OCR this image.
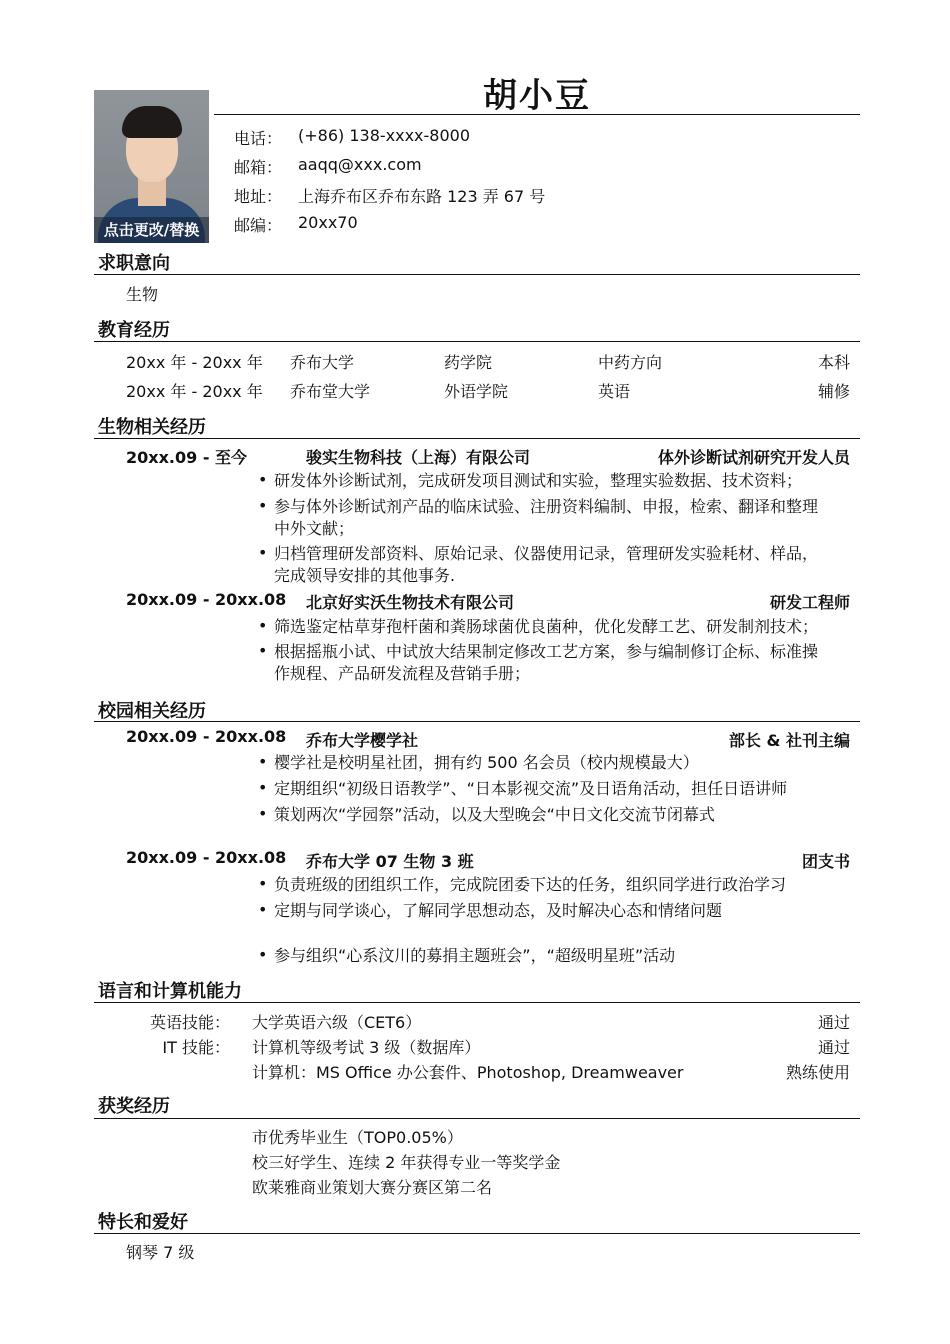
点击更改/替换
胡小豆
电话： (+86) 138-xxxx-8000
邮箱： aaqq@xxx.com
地址： 上海乔布区乔布东路 123 弄 67 号
邮编： 20xx70
求职意向
生物
教育经历
20xx 年 - 20xx 年 乔布大学	药学院	中药方向	本科
20xx 年 - 20xx 年 乔布堂大学	外语学院	英语	辅修
生物相关经历
20xx.09 - 至今	骏实生物科技（上海）有限公司	体外诊断试剂研究开发人员
• 研发体外诊断试剂，完成研发项目测试和实验，整理实验数据、技术资料；
• 参与体外诊断试剂产品的临床试验、注册资料编制、申报，检索、翻译和整理
中外文献；
• 归档管理研发部资料、原始记录、仪器使用记录，管理研发实验耗材、样品，
完成领导安排的其他事务.
20xx.09 - 20xx.08 北京好实沃生物技术有限公司	研发工程师
• 筛选鉴定枯草芽孢杆菌和粪肠球菌优良菌种，优化发酵工艺、研发制剂技术；
• 根据摇瓶小试、中试放大结果制定修改工艺方案，参与编制修订企标、标准操
作规程、产品研发流程及营销手册；
校园相关经历
20xx.09 - 20xx.08 乔布大学樱学社	部长 & 社刊主编
• 樱学社是校明星社团，拥有约 500 名会员（校内规模最大）
• 定期组织“初级日语教学”、“日本影视交流”及日语角活动，担任日语讲师
• 策划两次“学园祭”活动，以及大型晚会“中日文化交流节闭幕式
20xx.09 - 20xx.08 乔布大学 07 生物 3 班	团支书
• 负责班级的团组织工作，完成院团委下达的任务，组织同学进行政治学习
• 定期与同学谈心，了解同学思想动态，及时解决心态和情绪问题
• 参与组织“心系汶川的募捐主题班会”，“超级明星班”活动
语言和计算机能力
英语技能： 大学英语六级（CET6）	通过
IT 技能： 计算机等级考试 3 级（数据库）	通过
计算机：MS Office 办公套件、Photoshop, Dreamweaver	熟练使用
获奖经历
市优秀毕业生（TOP0.05%）
校三好学生、连续 2 年获得专业一等奖学金
欧莱雅商业策划大赛分赛区第二名
特长和爱好
钢琴 7 级
